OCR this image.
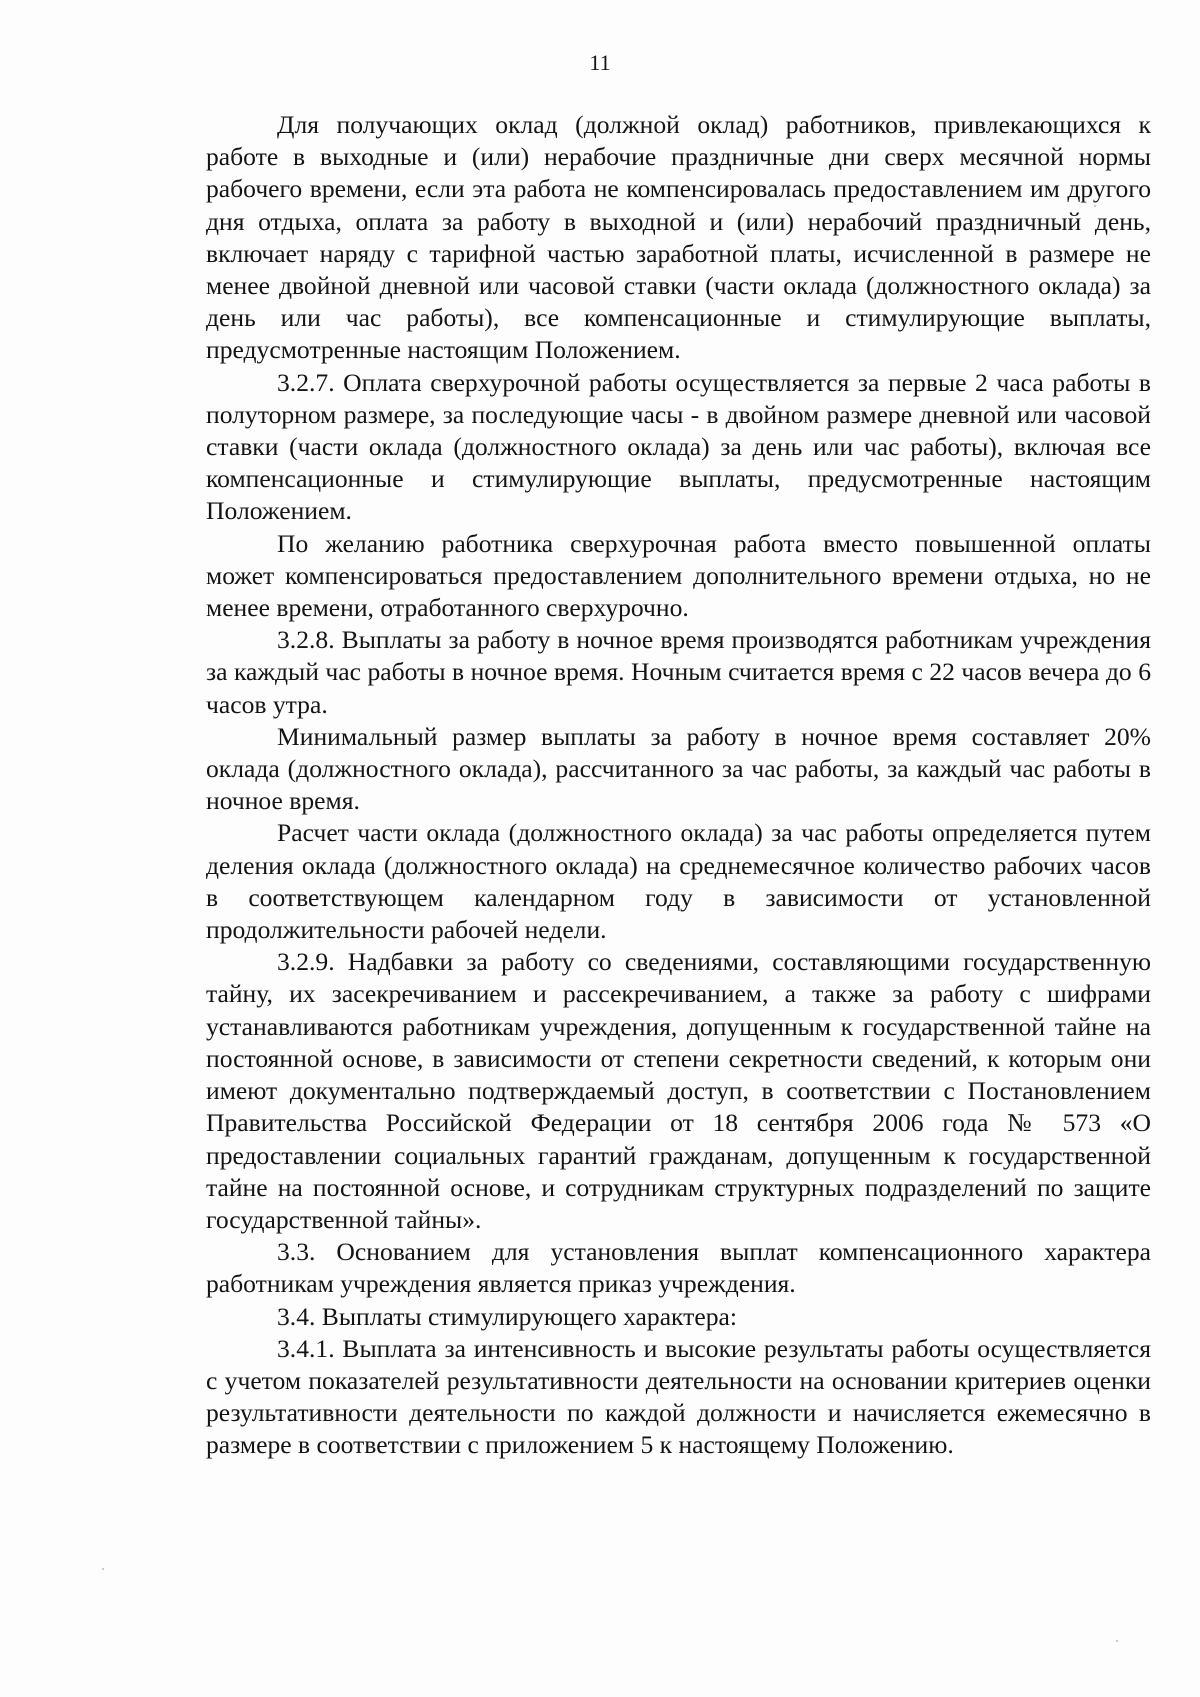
11

Для получающих оклад (должной оклад) работников, привлекающихся к работе в выходные и (или) нерабочие праздничные дни сверх месячной нормы рабочего времени, если эта работа не компенсировалась предоставлением им другого дня отдыха, оплата за работу в выходной и (или) нерабочий праздничный день, включает наряду с тарифной частью заработной платы, исчисленной в размере не менее двойной дневной или часовой ставки (части оклада (должностного оклада) за день или час работы), все компенсационные и стимулирующие выплаты, предусмотренные настоящим Положением.

3.2.7. Оплата сверхурочной работы осуществляется за первые 2 часа работы в полуторном размере, за последующие часы - в двойном размере дневной или часовой ставки (части оклада (должностного оклада) за день или час работы), включая все компенсационные и стимулирующие выплаты, предусмотренные настоящим Положением.

По желанию работника сверхурочная работа вместо повышенной оплаты может компенсироваться предоставлением дополнительного времени отдыха, но не менее времени, отработанного сверхурочно.

3.2.8. Выплаты за работу в ночное время производятся работникам учреждения за каждый час работы в ночное время. Ночным считается время с 22 часов вечера до 6 часов утра.

Минимальный размер выплаты за работу в ночное время составляет 20% оклада (должностного оклада), рассчитанного за час работы, за каждый час работы в ночное время.

Расчет части оклада (должностного оклада) за час работы определяется путем деления оклада (должностного оклада) на среднемесячное количество рабочих часов в соответствующем календарном году в зависимости от установленной продолжительности рабочей недели.

3.2.9. Надбавки за работу со сведениями, составляющими государственную тайну, их засекречиванием и рассекречиванием, а также за работу с шифрами устанавливаются работникам учреждения, допущенным к государственной тайне на постоянной основе, в зависимости от степени секретности сведений, к которым они имеют документально подтверждаемый доступ, в соответствии с Постановлением Правительства Российской Федерации от 18 сентября 2006 года № 573 «О предоставлении социальных гарантий гражданам, допущенным к государственной тайне на постоянной основе, и сотрудникам структурных подразделений по защите государственной тайны».

3.3. Основанием для установления выплат компенсационного характера работникам учреждения является приказ учреждения.

3.4. Выплаты стимулирующего характера:

3.4.1. Выплата за интенсивность и высокие результаты работы осуществляется с учетом показателей результативности деятельности на основании критериев оценки результативности деятельности по каждой должности и начисляется ежемесячно в размере в соответствии с приложением 5 к настоящему Положению.
